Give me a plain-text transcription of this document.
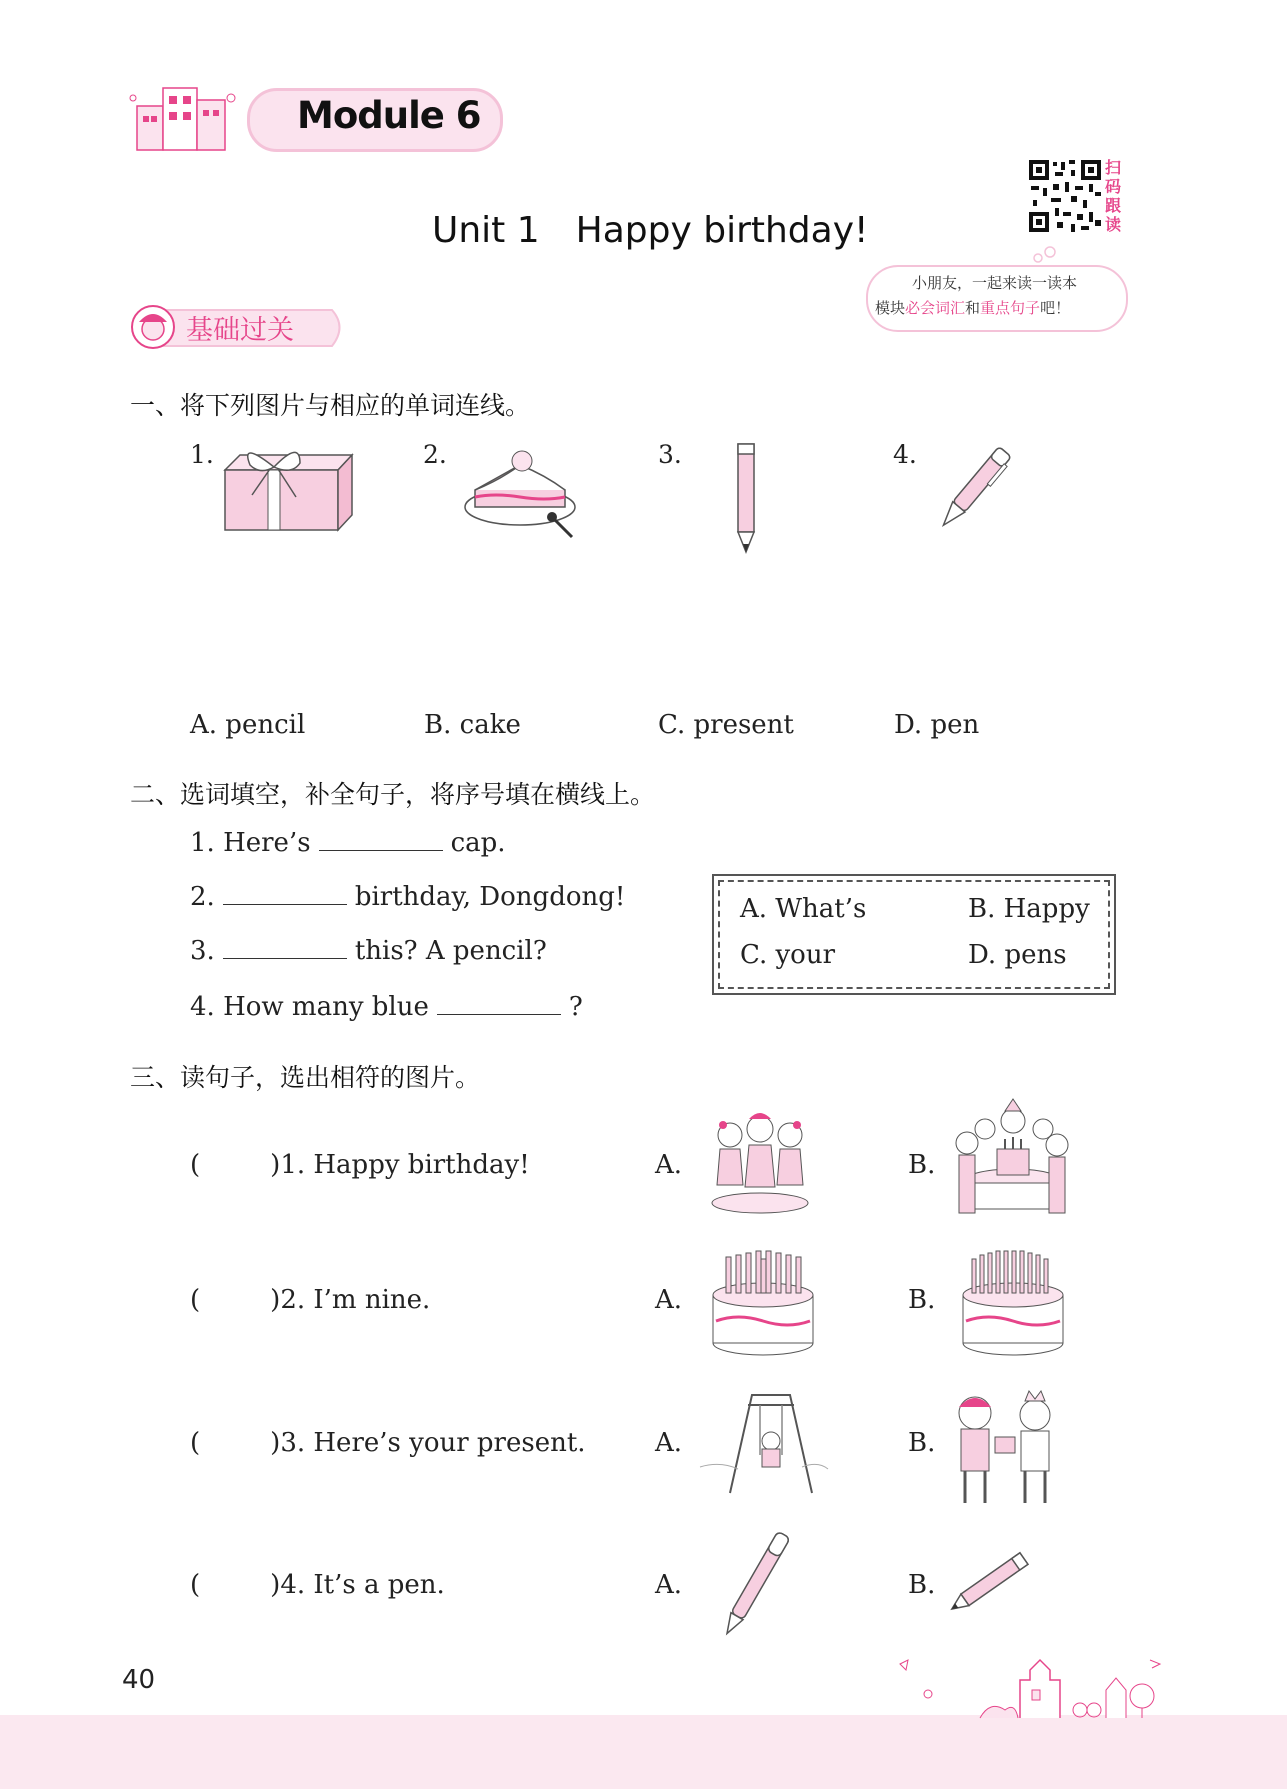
Module 6
Unit 1 Happy birthday!
扫
码
跟
读
小朋友，一起来读一读本
模块必会词汇和重点句子吧！
基础过关
一、将下列图片与相应的单词连线。
1.	2.	3.	4.
A. pencil	B. cake	C. present	D. pen
二、选词填空，补全句子，将序号填在横线上。
1. Here’s	cap.
2.	birthday, Dongdong!
3.	this? A pencil?
4. How many blue	?
A. What’s	B. Happy
C. your	D. pens
三、读句子，选出相符的图片。
(	)1. Happy birthday!	A.	B.
(	)2. I’m nine.	A.	B.
(	)3. Here’s your present.	A.	B.
(	)4. It’s a pen.	A.	B.
40
